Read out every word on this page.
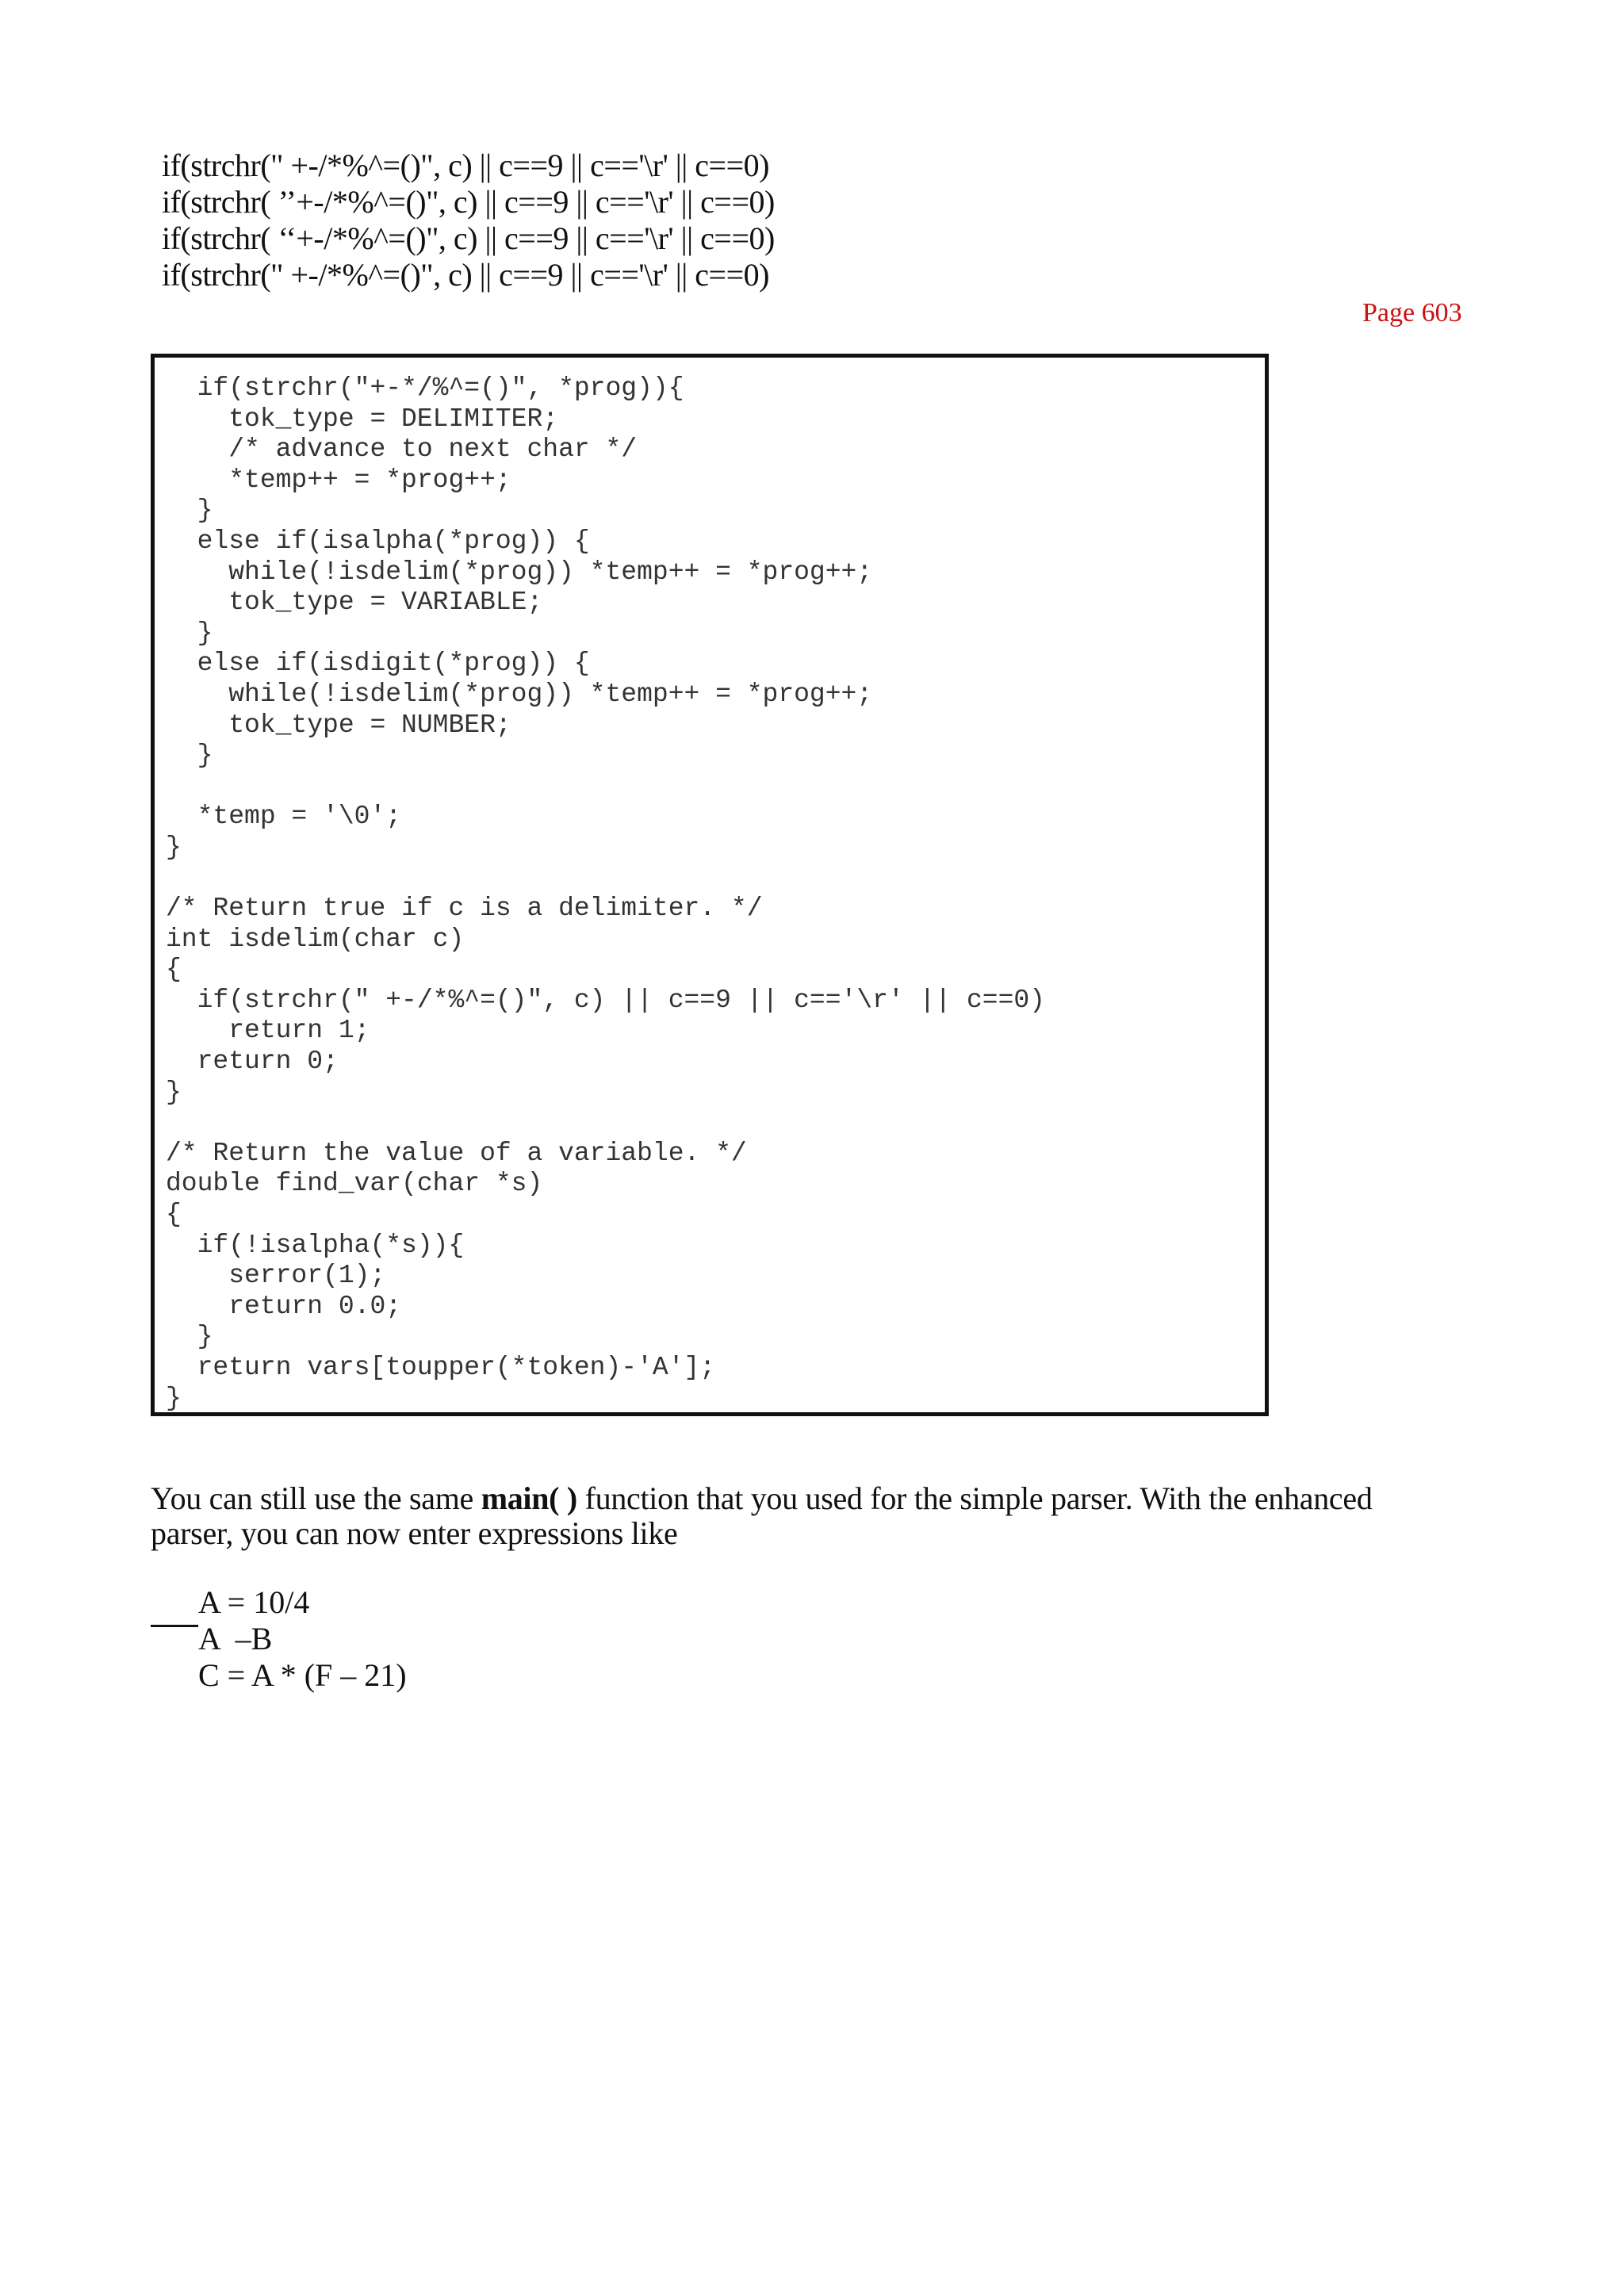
if(strchr(" +-/*%^=()", c) || c==9 || c=='\r' || c==0)
if(strchr( ’’+-/*%^=()", c) || c==9 || c=='\r' || c==0)
if(strchr( ‘‘+-/*%^=()", c) || c==9 || c=='\r' || c==0)
if(strchr(" +-/*%^=()", c) || c==9 || c=='\r' || c==0)
Page 603
if(strchr("+-*/%^=()", *prog)){
tok_type = DELIMITER;
/* advance to next char */
*temp++ = *prog++;
}
else if(isalpha(*prog)) {
while(!isdelim(*prog)) *temp++ = *prog++;
tok_type = VARIABLE;
}
else if(isdigit(*prog)) {
while(!isdelim(*prog)) *temp++ = *prog++;
tok_type = NUMBER;
}
*temp = '\0';
}
/* Return true if c is a delimiter. */
int isdelim(char c)
{
if(strchr(" +-/*%^=()", c) || c==9 || c=='\r' || c==0)
return 1;
return 0;
}
/* Return the value of a variable. */
double find_var(char *s)
{
if(!isalpha(*s)){
serror(1);
return 0.0;
}
return vars[toupper(*token)-'A'];
}
You can still use the same main( ) function that you used for the simple parser. With the enhanced parser, you can now enter expressions like
A = 10/4
A  –B
C = A * (F – 21)
